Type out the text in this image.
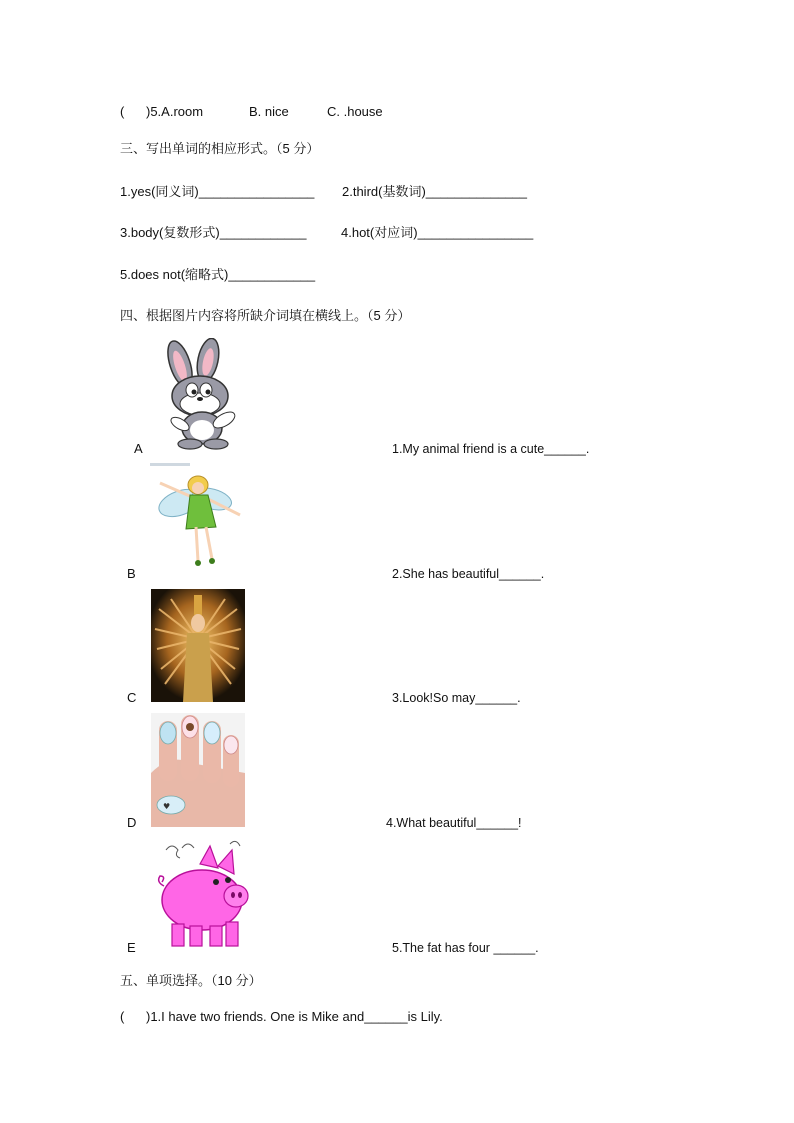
( )5.A.room	B. nice	C. .house
三、写出单词的相应形式。（5 分）
1.yes(同义词)________________ 2.third(基数词)______________
3.body(复数形式)____________	4.hot(对应词)________________
5.does not(缩略式)____________
四、根据图片内容将所缺介词填在横线上。（5 分）
A	1.My animal friend is a cute______.
B	2.She has beautiful______.
C	3.Look!So may______.
♥
D	4.What beautiful______!
E	5.The fat has four ______.
五、单项选择。（10 分）
( )1.I have two friends. One is Mike and______is Lily.
